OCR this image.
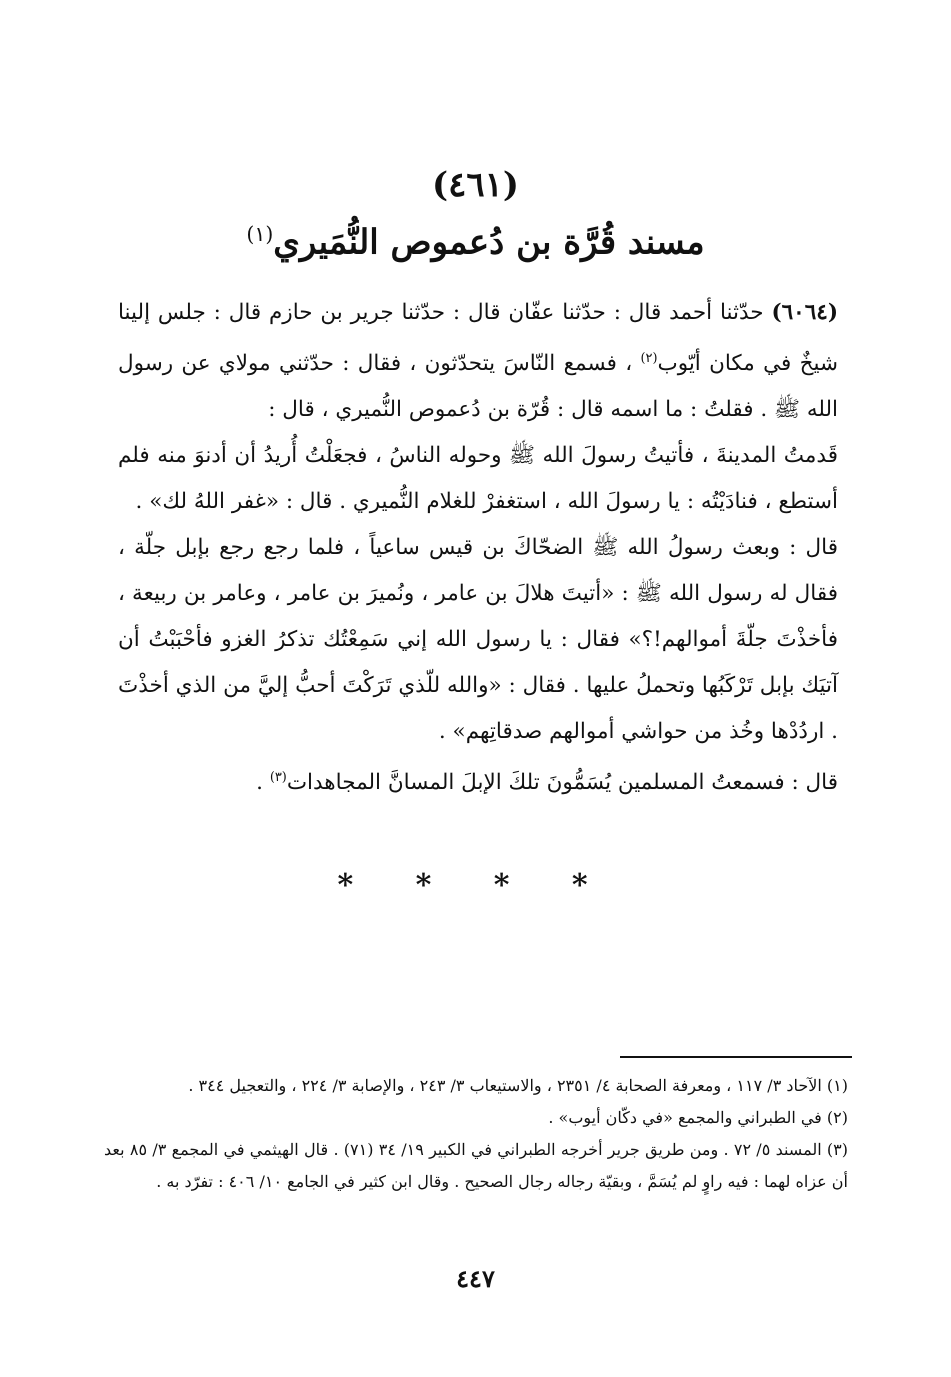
(٤٦١)
مسند قُرَّة بن دُعموص النُّمَيري$^{(١)}$

(٦٠٦٤) حدّثنا أحمد قال : حدّثنا عفّان قال : حدّثنا جرير بن حازم قال : جلس إلينا شيخٌ في مكان أيّوب$^{(٢)}$ ، فسمع النّاسَ يتحدّثون ، فقال : حدّثني مولاي عن رسول الله ﷺ . فقلتُ : ما اسمه قال : قُرّة بن دُعموص النُّميري ، قال :

قَدمتُ المدينةَ ، فأتيتُ رسولَ الله ﷺ وحوله الناسُ ، فجعَلْتُ أُريدُ أن أدنوَ منه فلم أستطع ، فنادَيْتُه : يا رسولَ الله ، استغفرْ للغلام النُّميري . قال : «غفر اللهُ لك» .

قال : وبعث رسولُ الله ﷺ الضحّاكَ بن قيس ساعياً ، فلما رجع رجع بإبل جلّة ، فقال له رسول الله ﷺ : «أتيتَ هلالَ بن عامر ، ونُميرَ بن عامر ، وعامر بن ربيعة ، فأخذْتَ جلّةَ أموالهم!؟» فقال : يا رسول الله إني سَمِعْتُك تذكرُ الغزو فأحْبَبْتُ أن آتيَك بإبل تَرْكَبُها وتحملُ عليها . فقال : «والله للّذي تَرَكْتَ أحبُّ إليَّ من الذي أخذْتَ . اردُدْها وخُذ من حواشي أموالهم صدقاتِهم» .

قال : فسمعتُ المسلمين يُسَمُّونَ تلكَ الإبلَ المسانَّ المجاهدات$^{(٣)}$ .

* * * *

(١) الآحاد ٣/ ١١٧ ، ومعرفة الصحابة ٤/ ٢٣٥١ ، والاستيعاب ٣/ ٢٤٣ ، والإصابة ٣/ ٢٢٤ ، والتعجيل ٣٤٤ .

(٢) في الطبراني والمجمع «في دكّان أيوب» .

(٣) المسند ٥/ ٧٢ . ومن طريق جرير أخرجه الطبراني في الكبير ١٩/ ٣٤ (٧١) . قال الهيثمي في المجمع ٣/ ٨٥ بعد أن عزاه لهما : فيه راوٍ لم يُسَمَّ ، وبقيّة رجاله رجال الصحيح . وقال ابن كثير في الجامع ١٠/ ٤٠٦ : تفرّد به .

٤٤٧
